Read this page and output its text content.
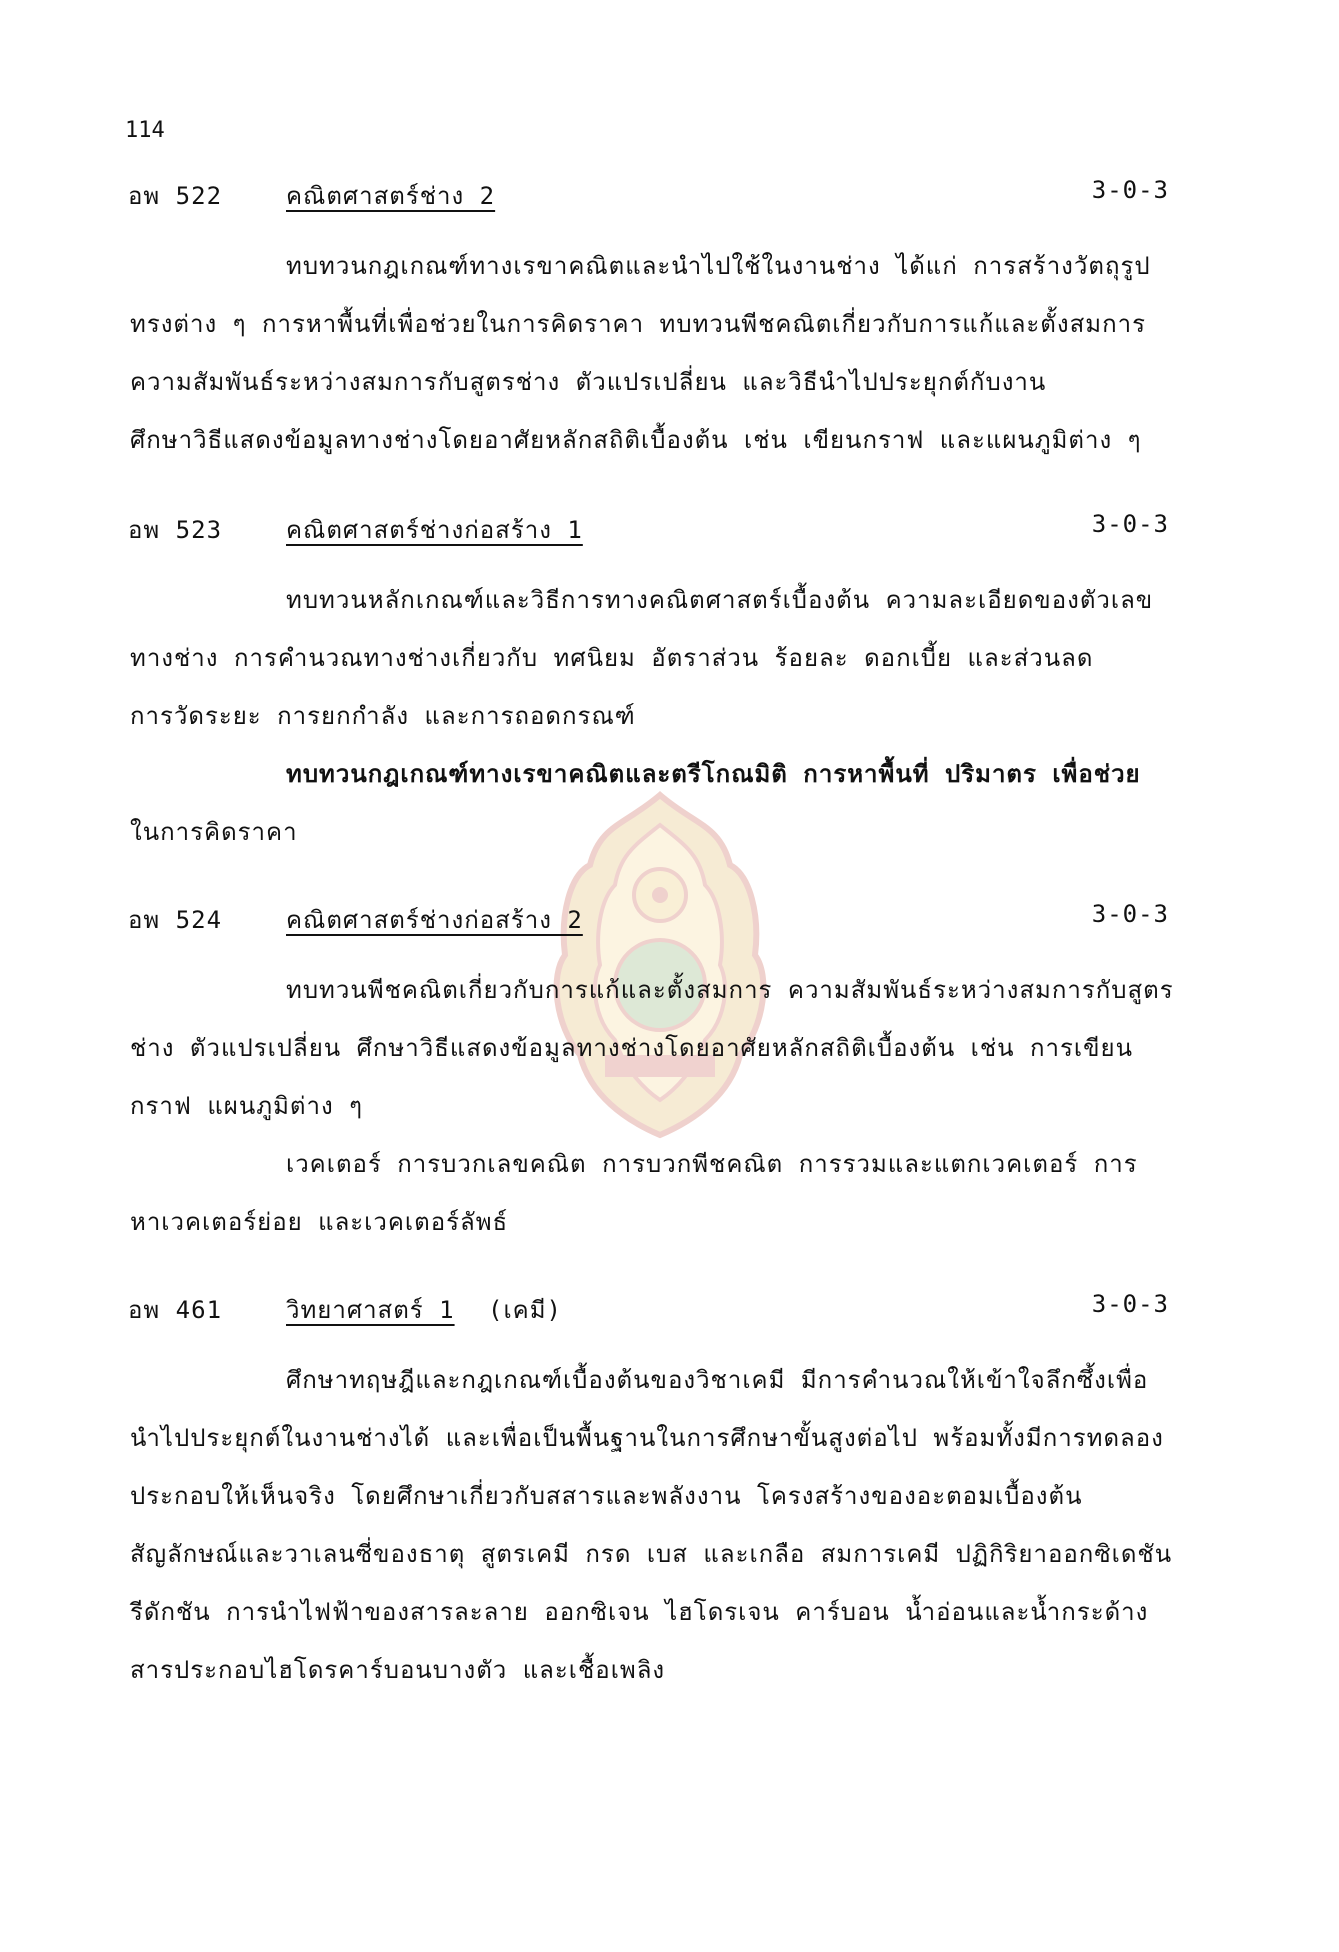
114
อพ 522	คณิตศาสตร์ช่าง 2	3-0-3
ทบทวนกฎเกณฑ์ทางเรขาคณิตและนำไปใช้ในงานช่าง ได้แก่ การสร้างวัตถุรูป
ทรงต่าง ๆ การหาพื้นที่เพื่อช่วยในการคิดราคา ทบทวนพีชคณิตเกี่ยวกับการแก้และตั้งสมการ
ความสัมพันธ์ระหว่างสมการกับสูตรช่าง ตัวแปรเปลี่ยน และวิธีนำไปประยุกต์กับงาน
ศึกษาวิธีแสดงข้อมูลทางช่างโดยอาศัยหลักสถิติเบื้องต้น เช่น เขียนกราฟ และแผนภูมิต่าง ๆ
อพ 523	คณิตศาสตร์ช่างก่อสร้าง 1	3-0-3
ทบทวนหลักเกณฑ์และวิธีการทางคณิตศาสตร์เบื้องต้น ความละเอียดของตัวเลข
ทางช่าง การคำนวณทางช่างเกี่ยวกับ ทศนิยม อัตราส่วน ร้อยละ ดอกเบี้ย และส่วนลด
การวัดระยะ การยกกำลัง และการถอดกรณฑ์
ทบทวนกฎเกณฑ์ทางเรขาคณิตและตรีโกณมิติ การหาพื้นที่ ปริมาตร เพื่อช่วย
ในการคิดราคา
อพ 524	คณิตศาสตร์ช่างก่อสร้าง 2	3-0-3
ทบทวนพีชคณิตเกี่ยวกับการแก้และตั้งสมการ ความสัมพันธ์ระหว่างสมการกับสูตร
ช่าง ตัวแปรเปลี่ยน ศึกษาวิธีแสดงข้อมูลทางช่างโดยอาศัยหลักสถิติเบื้องต้น เช่น การเขียน
กราฟ แผนภูมิต่าง ๆ
เวคเตอร์ การบวกเลขคณิต การบวกพีชคณิต การรวมและแตกเวคเตอร์ การ
หาเวคเตอร์ย่อย และเวคเตอร์ลัพธ์
อพ 461	วิทยาศาสตร์ 1 (เคมี)	3-0-3
ศึกษาทฤษฎีและกฎเกณฑ์เบื้องต้นของวิชาเคมี มีการคำนวณให้เข้าใจลึกซึ้งเพื่อ
นำไปประยุกต์ในงานช่างได้ และเพื่อเป็นพื้นฐานในการศึกษาขั้นสูงต่อไป พร้อมทั้งมีการทดลอง
ประกอบให้เห็นจริง โดยศึกษาเกี่ยวกับสสารและพลังงาน โครงสร้างของอะตอมเบื้องต้น
สัญลักษณ์และวาเลนซี่ของธาตุ สูตรเคมี กรด เบส และเกลือ สมการเคมี ปฏิกิริยาออกซิเดชัน
รีดักชัน การนำไฟฟ้าของสารละลาย ออกซิเจน ไฮโดรเจน คาร์บอน น้ำอ่อนและน้ำกระด้าง
สารประกอบไฮโดรคาร์บอนบางตัว และเชื้อเพลิง
